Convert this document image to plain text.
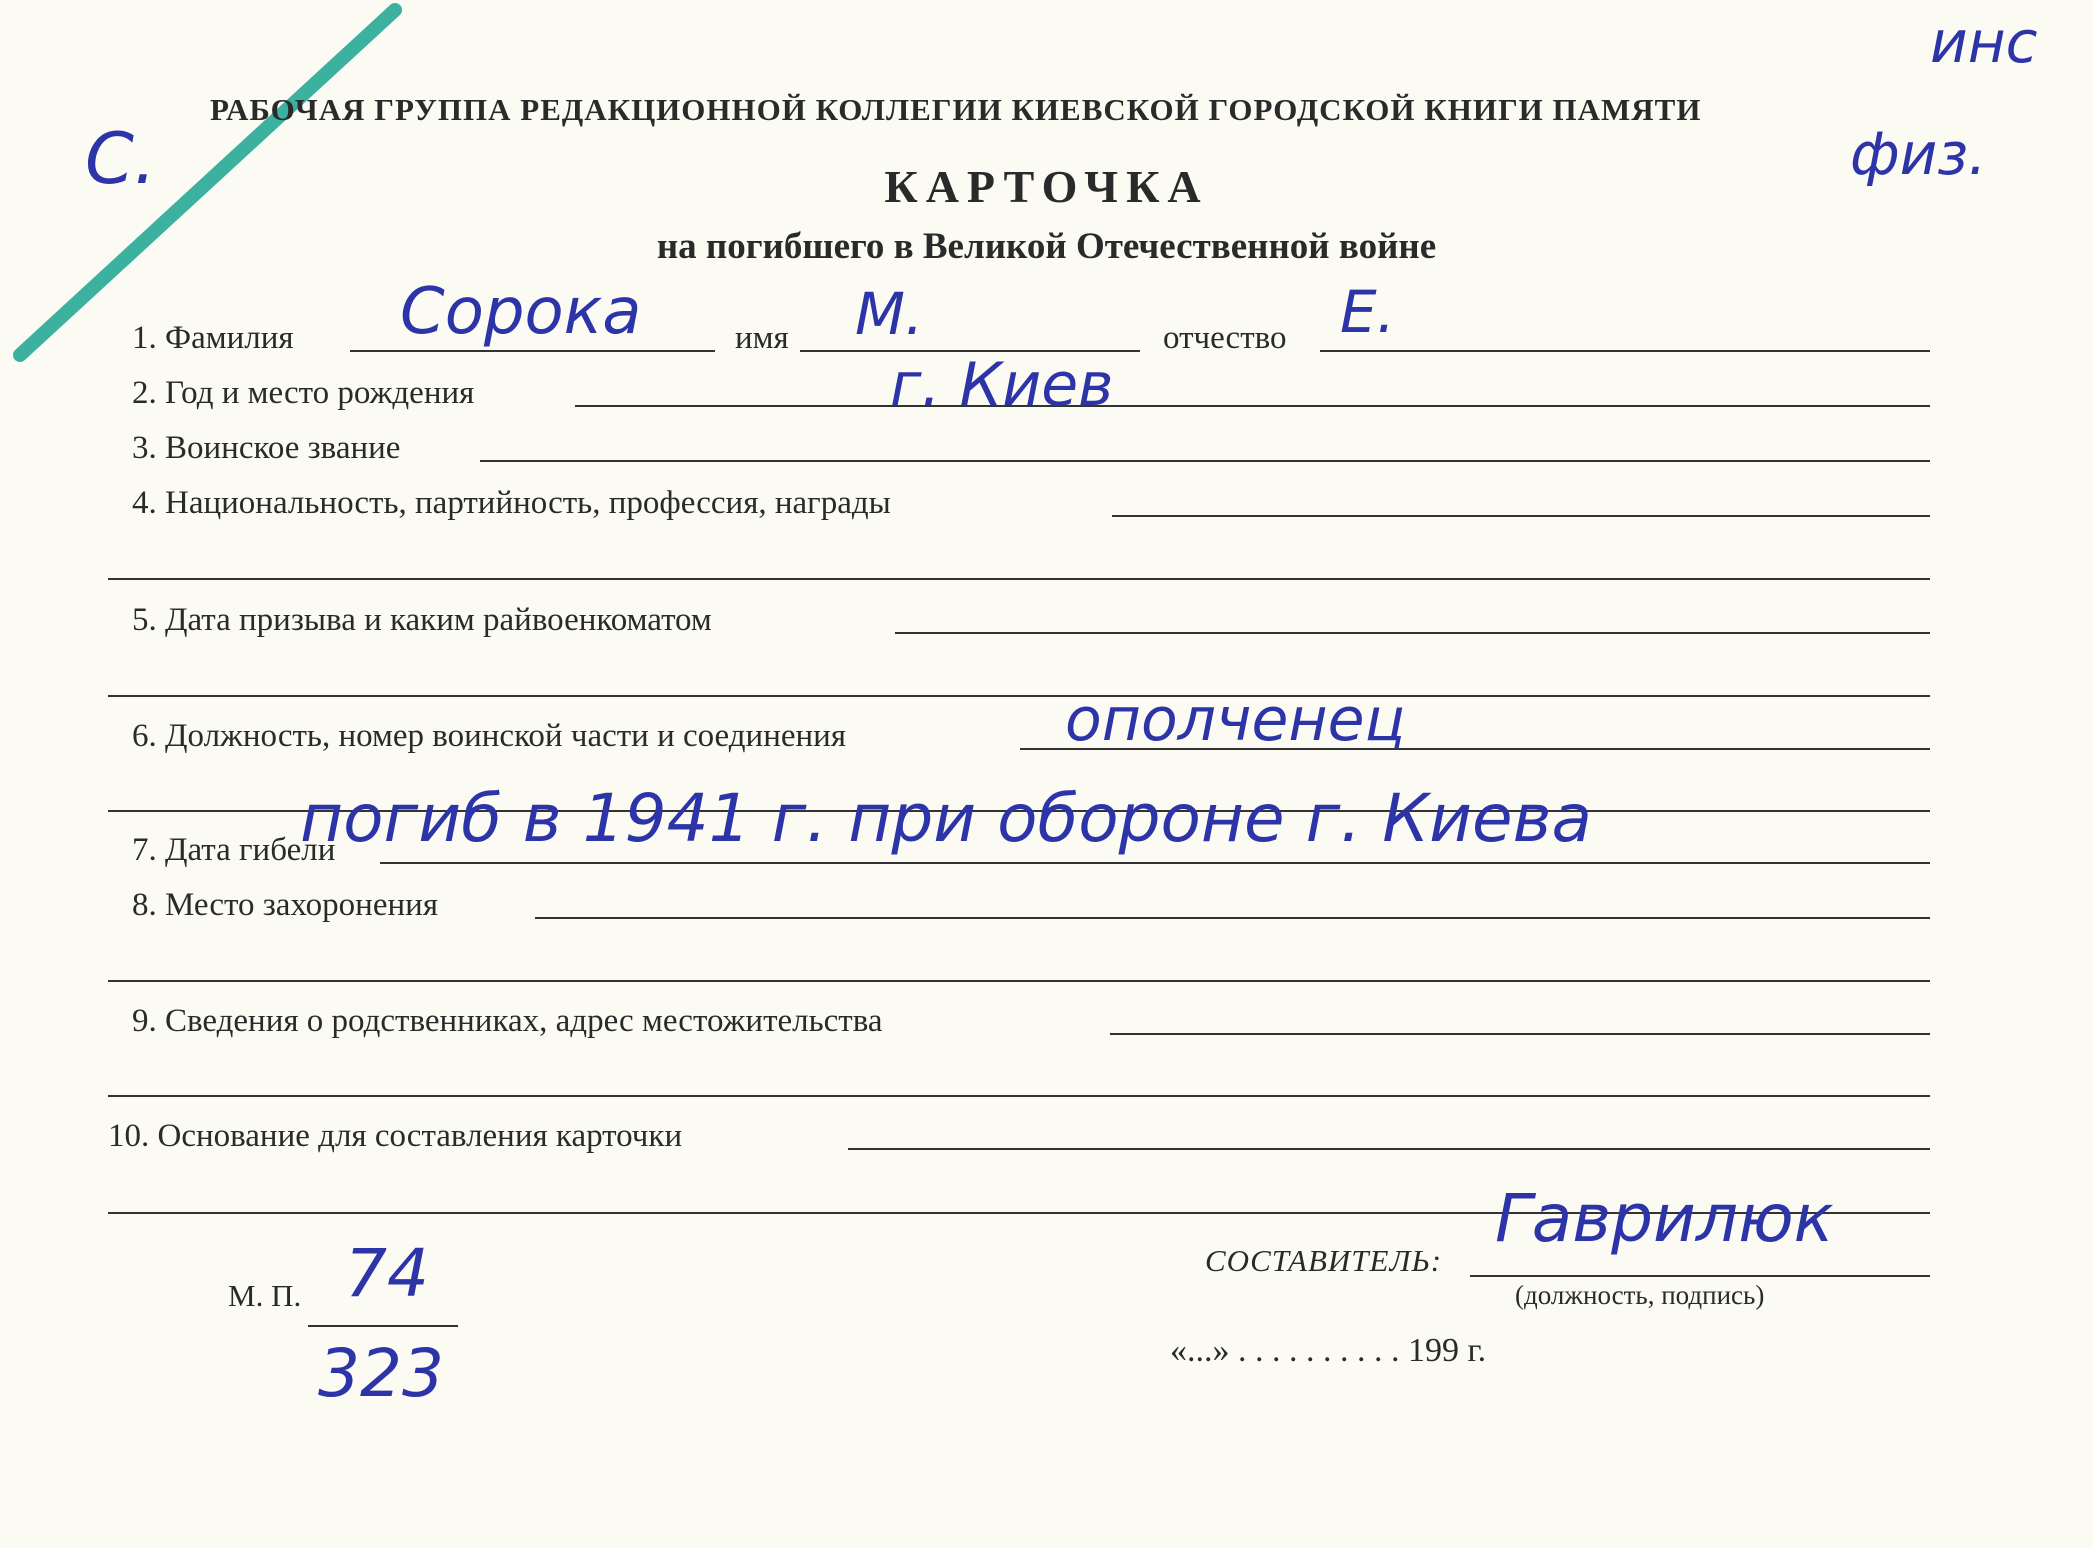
РАБОЧАЯ ГРУППА РЕДАКЦИОННОЙ КОЛЛЕГИИ КИЕВСКОЙ ГОРОДСКОЙ КНИГИ ПАМЯТИ
КАРТОЧКА
на погибшего в Великой Отечественной войне
С.
инс
физ.
1. Фамилия Сорока	имя М.	отчество Е.
2. Год и место рождения	г. Киев
3. Воинское звание
4. Национальность, партийность, профессия, награды
5. Дата призыва и каким райвоенкоматом
6. Должность, номер воинской части и соединения	ополченец
7. Дата гибели
погиб в 1941 г. при обороне г. Киева
8. Место захоронения
9. Сведения о родственниках, адрес местожительства
10. Основание для составления карточки
М. П. 74
323
СОСТАВИТЕЛЬ:
Гаврилюк
(должность, подпись)
«...» . . . . . . . . . . 199 г.
